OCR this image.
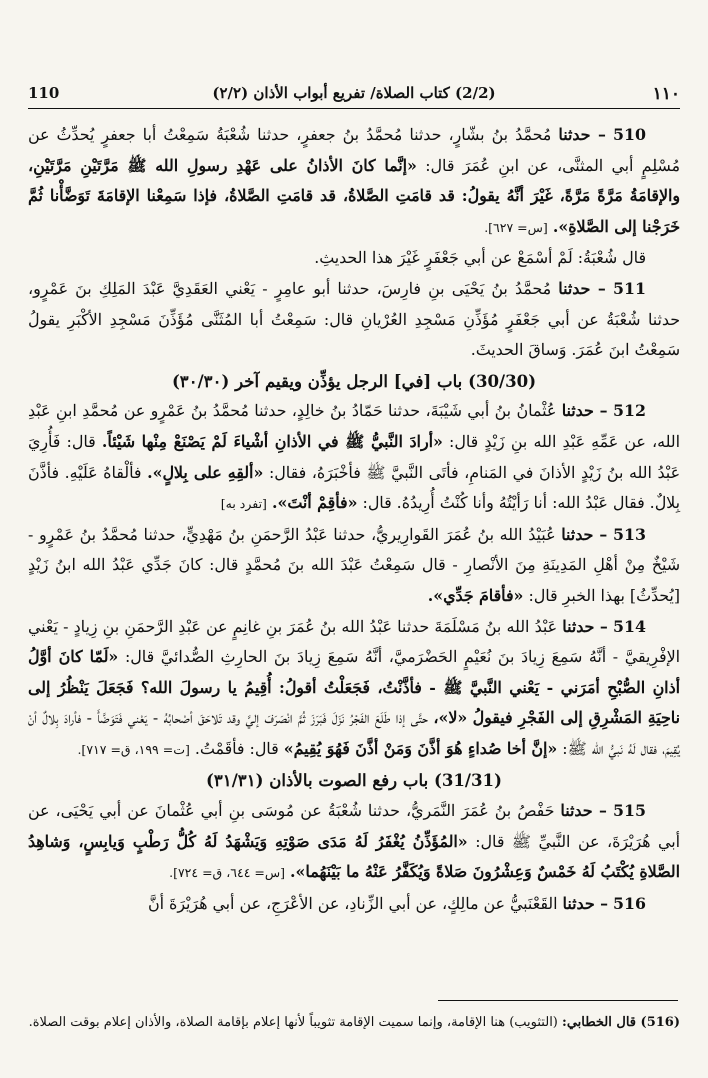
١١٠
(2/2) كتاب الصلاة/ تفريع أبواب الأذان (٢/٢)
110

510 – حدثنا مُحمَّدُ بنُ بشّارٍ، حدثنا مُحمَّدُ بنُ جعفرٍ، حدثنا شُعْبَةُ سَمِعْتُ أبا جعفرٍ يُحدِّثُ عن مُسْلِمٍ أبي المثنَّى، عن ابنِ عُمَرَ قال: «إنَّما كانَ الأذانُ على عَهْدِ رسولِ الله ﷺ مَرَّتَيْنِ مَرَّتَيْنِ، والإقامَةُ مَرَّةً مَرَّةً، غَيْرَ أنَّهُ يقولُ: قد قامَتِ الصَّلاةُ، قد قامَتِ الصَّلاةُ، فإذا سَمِعْنا الإقامَةَ تَوَضَّأْنا ثُمَّ خَرَجْنا إلى الصَّلاةِ». [س= ٦٢٧].

قال شُعْبَةُ: لَمْ أسْمَعْ عن أبي جَعْفَرٍ غَيْرَ هذا الحديثِ.

511 – حدثنا مُحمَّدُ بنُ يَحْيَى بنِ فارِسَ، حدثنا أبو عامِرٍ - يَعْني العَقَدِيَّ عَبْدَ المَلِكِ بنَ عَمْرٍو، حدثنا شُعْبَةُ عن أبي جَعْفَرٍ مُؤَذِّنِ مَسْجِدِ العُرْيانِ قال: سَمِعْتُ أبا المُثَنَّى مُؤَذِّنَ مَسْجِدِ الأكْبَرِ يقولُ سَمِعْتُ ابنَ عُمَرَ. وَساقَ الحديثَ.

(30/30) باب [في] الرجل يؤذِّن ويقيم آخر (٣٠/٣٠)

512 – حدثنا عُثْمانُ بنُ أبي شَيْبَةَ، حدثنا حَمّادُ بنُ خالِدٍ، حدثنا مُحمَّدُ بنُ عَمْرٍو عن مُحمَّدِ ابنِ عَبْدِ الله، عن عَمِّهِ عَبْدِ الله بنِ زَيْدٍ قال: «أرادَ النَّبيُّ ﷺ في الأذانِ أشْياءَ لَمْ يَصْنَعْ مِنْها شَيْئاً. قال: فَأُرِيَ عَبْدُ الله بنُ زَيْدٍ الأذانَ في المَنامِ، فأتَى النَّبيَّ ﷺ فأخْبَرَهُ، فقال: «ألقِهِ على بِلالٍ». فألْقاهُ عَلَيْهِ. فأذَّنَ بِلالٌ. فقال عَبْدُ الله: أنا رَأيْتُهُ وأنا كُنْتُ أُرِيدُهُ. قال: «فأقِمْ أنْتَ». [تفرد به]

513 – حدثنا عُبَيْدُ الله بنُ عُمَرَ القَوارِيريُّ، حدثنا عَبْدُ الرَّحمَنِ بنُ مَهْدِيٍّ، حدثنا مُحمَّدُ بنُ عَمْرٍو - شَيْخٌ مِنْ أهْلِ المَدِينَةِ مِنَ الأنْصارِ - قال سَمِعْتُ عَبْدَ الله بنَ مُحمَّدٍ قال: كانَ جَدِّي عَبْدُ الله ابنُ زَيْدٍ [يُحدِّثُ] بهذا الخبرِ قال: «فأقامَ جَدِّي».

514 – حدثنا عَبْدُ الله بنُ مَسْلَمَةَ حدثنا عَبْدُ الله بنُ عُمَرَ بنِ غانِمٍ عن عَبْدِ الرَّحمَنِ بنِ زِيادٍ - يَعْني الإفْرِيقيَّ - أنَّهُ سَمِعَ زِيادَ بنَ نُعَيْمٍ الحَضْرَميَّ، أنَّهُ سَمِعَ زِيادَ بنَ الحارِثِ الصُّدائيَّ قال: «لَمّا كانَ أوَّلُ أذانِ الصُّبْحِ أمَرَني - يَعْني النَّبيَّ ﷺ - فأذَّنْتُ، فَجَعَلْتُ أقولُ: أُقِيمُ يا رسولَ الله؟ فَجَعَلَ يَنْظُرُ إلى ناحِيَةِ المَشْرِقِ إلى الفَجْرِ فيقولُ «لا»، حتَّى إذا طَلَعَ الفَجْرُ نَزَلَ فَبَرَزَ ثُمَّ انْصَرَفَ إليَّ وقد تَلاحَقَ أصْحابُهُ - يَعْني فَتَوَضَّأَ - فأرادَ بِلالٌ أنْ يُقِيمَ، فقال لَهُ نَبيُّ الله ﷺ: «إنَّ أخا صُداءٍ هُوَ أذَّنَ وَمَنْ أذَّنَ فَهُوَ يُقِيمُ» قال: فأقَمْتُ. [ت= ١٩٩، ق= ٧١٧].

(31/31) باب رفع الصوت بالأذان (٣١/٣١)

515 – حدثنا حَفْصُ بنُ عُمَرَ النَّمَريُّ، حدثنا شُعْبَةُ عن مُوسَى بنِ أبي عُثْمانَ عن أبي يَحْيَى، عن أبي هُرَيْرَةَ، عن النَّبيِّ ﷺ قال: «المُؤَذِّنُ يُغْفَرُ لَهُ مَدَى صَوْتِهِ وَيَشْهَدُ لَهُ كُلُّ رَطْبٍ وَيابِسٍ، وَشاهِدُ الصَّلاةِ يُكْتَبُ لَهُ خَمْسٌ وَعِشْرُونَ صَلاةً وَيُكَفَّرُ عَنْهُ ما بَيْنَهُما». [س= ٦٤٤، ق= ٧٢٤].

516 – حدثنا القَعْنَبيُّ عن مالِكٍ، عن أبي الزِّنادِ، عن الأعْرَجِ، عن أبي هُرَيْرَةَ أنَّ

(516) قال الخطابي: (التثويب) هنا الإقامة، وإنما سميت الإقامة تثويباً لأنها إعلام بإقامة الصلاة، والأذان إعلام بوقت الصلاة.
